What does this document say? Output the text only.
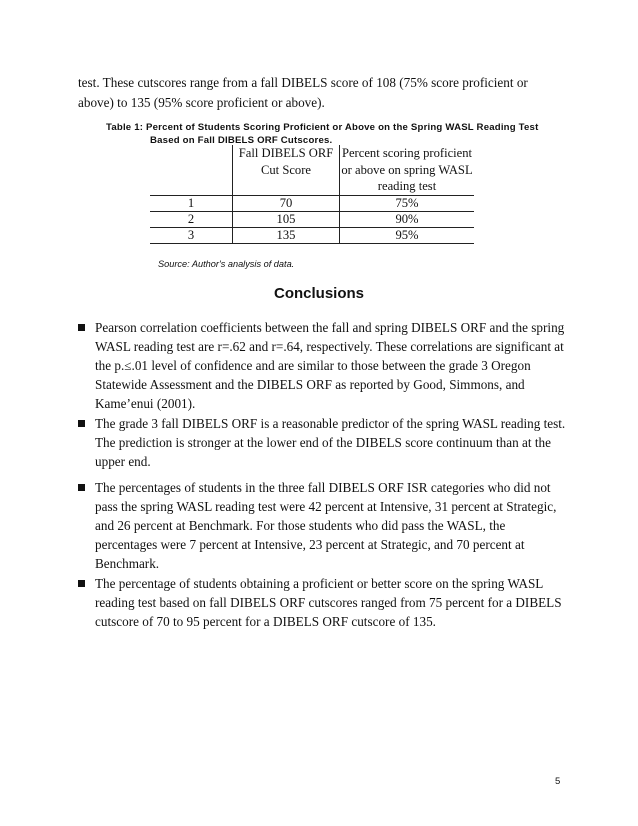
test. These cutscores range from a fall DIBELS score of 108 (75% score proficient or above) to 135 (95% score proficient or above).
Table 1: Percent of Students Scoring Proficient or Above on the Spring WASL Reading Test
Based on Fall DIBELS ORF Cutscores.
	Fall DIBELS ORF Cut Score	Percent scoring proficient or above on spring WASL reading test
1	70	75%
2	105	90%
3	135	95%
Source: Author's analysis of data.
Conclusions
Pearson correlation coefficients between the fall and spring DIBELS ORF and the spring WASL reading test are r=.62 and r=.64, respectively. These correlations are significant at the p.≤.01 level of confidence and are similar to those between the grade 3 Oregon Statewide Assessment and the DIBELS ORF as reported by Good, Simmons, and Kame’enui (2001).
The grade 3 fall DIBELS ORF is a reasonable predictor of the spring WASL reading test. The prediction is stronger at the lower end of the DIBELS score continuum than at the upper end.
The percentages of students in the three fall DIBELS ORF ISR categories who did not pass the spring WASL reading test were 42 percent at Intensive, 31 percent at Strategic, and 26 percent at Benchmark. For those students who did pass the WASL, the percentages were 7 percent at Intensive, 23 percent at Strategic, and 70 percent at Benchmark.
The percentage of students obtaining a proficient or better score on the spring WASL reading test based on fall DIBELS ORF cutscores ranged from 75 percent for a DIBELS cutscore of 70 to 95 percent for a DIBELS ORF cutscore of 135.
5
